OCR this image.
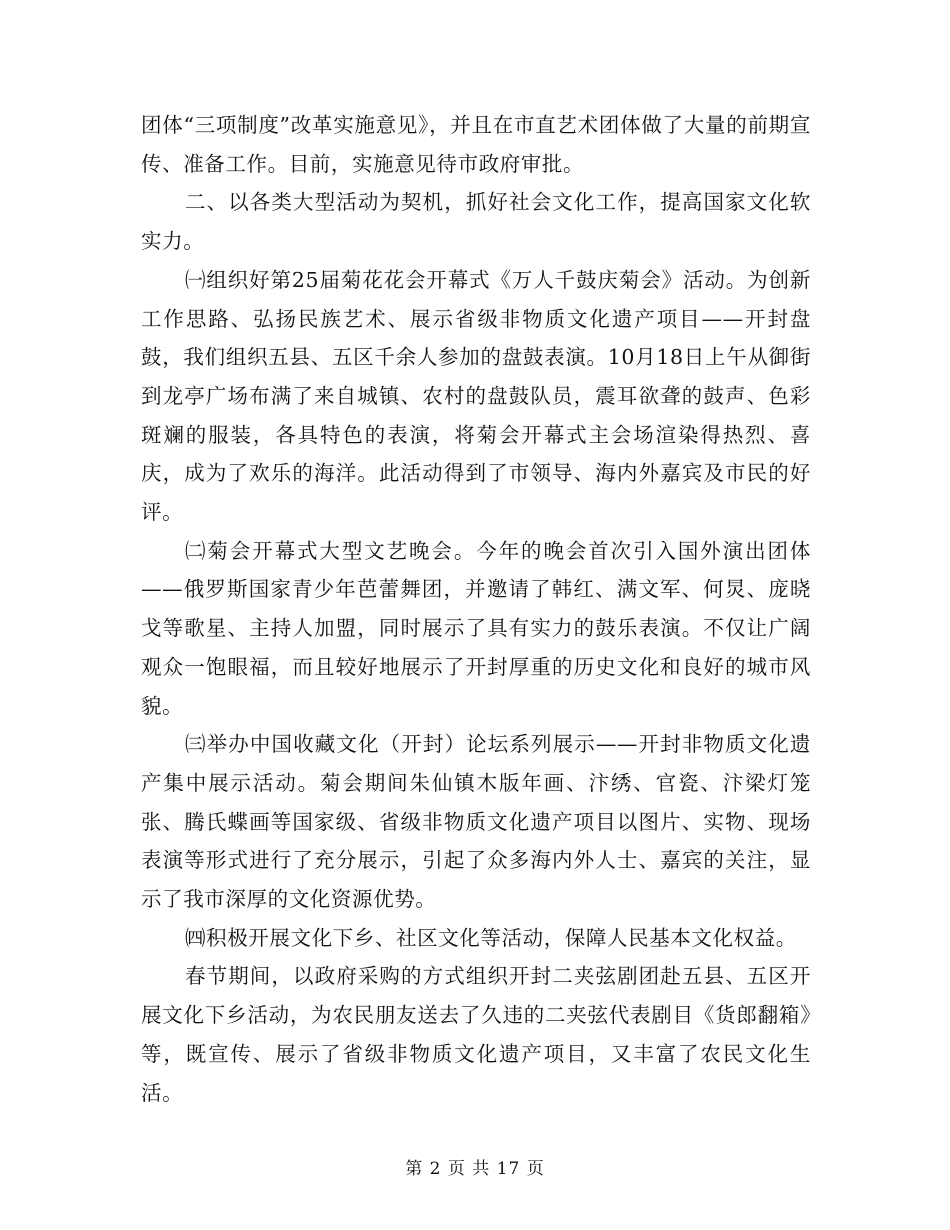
团体“三项制度”改革实施意见》，并且在市直艺术团体做了大量的前期宣传、准备工作。目前，实施意见待市政府审批。

二、以各类大型活动为契机，抓好社会文化工作，提高国家文化软实力。

㈠组织好第25届菊花花会开幕式《万人千鼓庆菊会》活动。为创新工作思路、弘扬民族艺术、展示省级非物质文化遗产项目——开封盘鼓，我们组织五县、五区千余人参加的盘鼓表演。10月18日上午从御街到龙亭广场布满了来自城镇、农村的盘鼓队员，震耳欲聋的鼓声、色彩斑斓的服装，各具特色的表演，将菊会开幕式主会场渲染得热烈、喜庆，成为了欢乐的海洋。此活动得到了市领导、海内外嘉宾及市民的好评。

㈡菊会开幕式大型文艺晚会。今年的晚会首次引入国外演出团体——俄罗斯国家青少年芭蕾舞团，并邀请了韩红、满文军、何炅、庞晓戈等歌星、主持人加盟，同时展示了具有实力的鼓乐表演。不仅让广阔观众一饱眼福，而且较好地展示了开封厚重的历史文化和良好的城市风貌。

㈢举办中国收藏文化（开封）论坛系列展示——开封非物质文化遗产集中展示活动。菊会期间朱仙镇木版年画、汴绣、官瓷、汴梁灯笼张、腾氏蝶画等国家级、省级非物质文化遗产项目以图片、实物、现场表演等形式进行了充分展示，引起了众多海内外人士、嘉宾的关注，显示了我市深厚的文化资源优势。

㈣积极开展文化下乡、社区文化等活动，保障人民基本文化权益。

春节期间，以政府采购的方式组织开封二夹弦剧团赴五县、五区开展文化下乡活动，为农民朋友送去了久违的二夹弦代表剧目《货郎翻箱》等，既宣传、展示了省级非物质文化遗产项目，又丰富了农民文化生活。

第 2 页 共 17 页
